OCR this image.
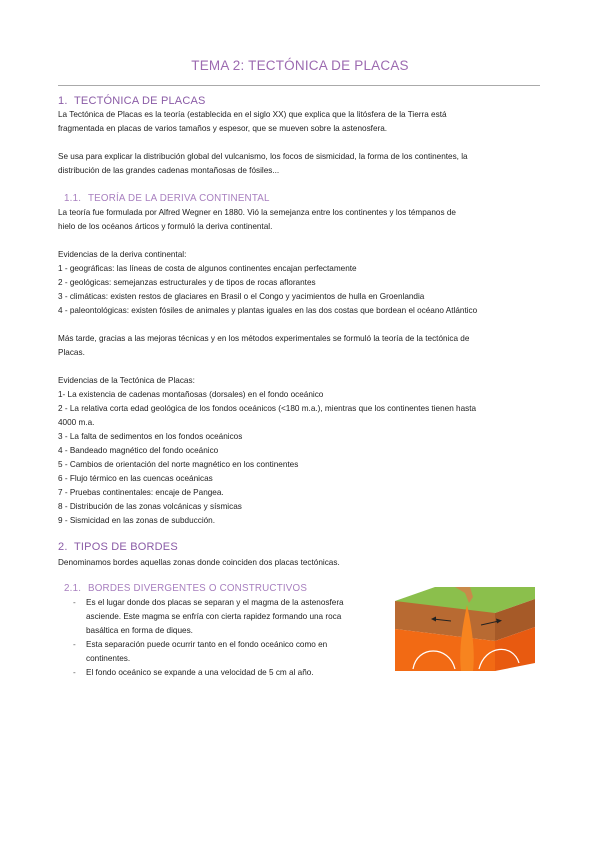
TEMA 2: TECTÓNICA DE PLACAS
1. TECTÓNICA DE PLACAS
La Tectónica de Placas es la teoría (establecida en el siglo XX) que explica que la litósfera de la Tierra está
fragmentada en placas de varios tamaños y espesor, que se mueven sobre la astenosfera.
Se usa para explicar la distribución global del vulcanismo, los focos de sismicidad, la forma de los continentes, la
distribución de las grandes cadenas montañosas de fósiles...
1.1. TEORÍA DE LA DERIVA CONTINENTAL
La teoría fue formulada por Alfred Wegner en 1880. Vió la semejanza entre los continentes y los témpanos de
hielo de los océanos árticos y formuló la deriva continental.
Evidencias de la deriva continental:
1 - geográficas: las líneas de costa de algunos continentes encajan perfectamente
2 - geológicas: semejanzas estructurales y de tipos de rocas aflorantes
3 - climáticas: existen restos de glaciares en Brasil o el Congo y yacimientos de hulla en Groenlandia
4 - paleontológicas: existen fósiles de animales y plantas iguales en las dos costas que bordean el océano Atlántico
Más tarde, gracias a las mejoras técnicas y en los métodos experimentales se formuló la teoría de la tectónica de
Placas.
Evidencias de la Tectónica de Placas:
1- La existencia de cadenas montañosas (dorsales) en el fondo oceánico
2 - La relativa corta edad geológica de los fondos oceánicos (<180 m.a.), mientras que los continentes tienen hasta
4000 m.a.
3 - La falta de sedimentos en los fondos oceánicos
4 - Bandeado magnético del fondo oceánico
5 - Cambios de orientación del norte magnético en los continentes
6 - Flujo térmico en las cuencas oceánicas
7 - Pruebas continentales: encaje de Pangea.
8 - Distribución de las zonas volcánicas y sísmicas
9 - Sismicidad en las zonas de subducción.
2. TIPOS DE BORDES
Denominamos bordes aquellas zonas donde coinciden dos placas tectónicas.
2.1. BORDES DIVERGENTES O CONSTRUCTIVOS
- Es el lugar donde dos placas se separan y el magma de la astenosfera
asciende. Este magma se enfría con cierta rapidez formando una roca
basáltica en forma de diques.
- Esta separación puede ocurrir tanto en el fondo oceánico como en
continentes.
- El fondo oceánico se expande a una velocidad de 5 cm al año.
